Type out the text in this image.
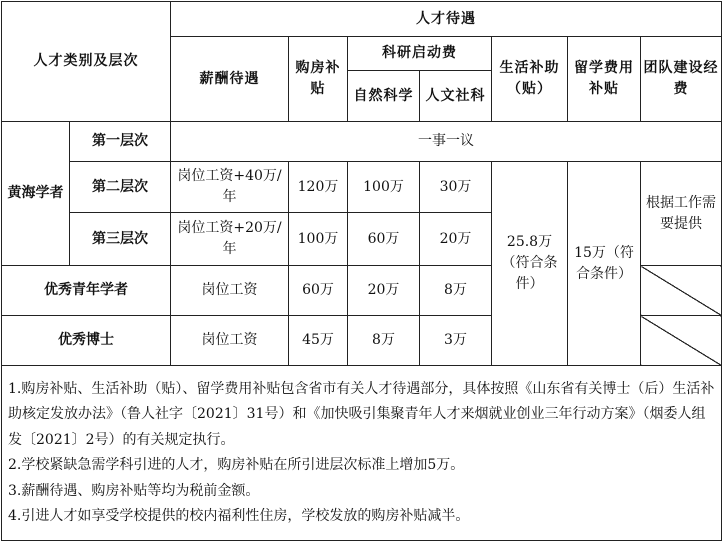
人才类别及层次		人才待遇						
		薪酬待遇	购房补贴	科研启动费		生活补助（贴）	留学费用补贴	团队建设经费
				自然科学	人文社科			
黄海学者	第一层次	一事一议						
	第二层次	岗位工资+40万/年	120万	100万	30万	25.8万（符合条件）	15万（符合条件）	根据工作需要提供
	第三层次	岗位工资+20万/年	100万	60万	20万			
优秀青年学者		岗位工资	60万	20万	8万			
优秀博士		岗位工资	45万	8万	3万			

1.购房补贴、生活补助（贴）、留学费用补贴包含省市有关人才待遇部分，具体按照《山东省有关博士（后）生活补助核定发放办法》（鲁人社字〔2021〕31号）和《加快吸引集聚青年人才来烟就业创业三年行动方案》（烟委人组发〔2021〕2号）的有关规定执行。
2.学校紧缺急需学科引进的人才，购房补贴在所引进层次标准上增加5万。
3.薪酬待遇、购房补贴等均为税前金额。
4.引进人才如享受学校提供的校内福利性住房，学校发放的购房补贴减半。								
